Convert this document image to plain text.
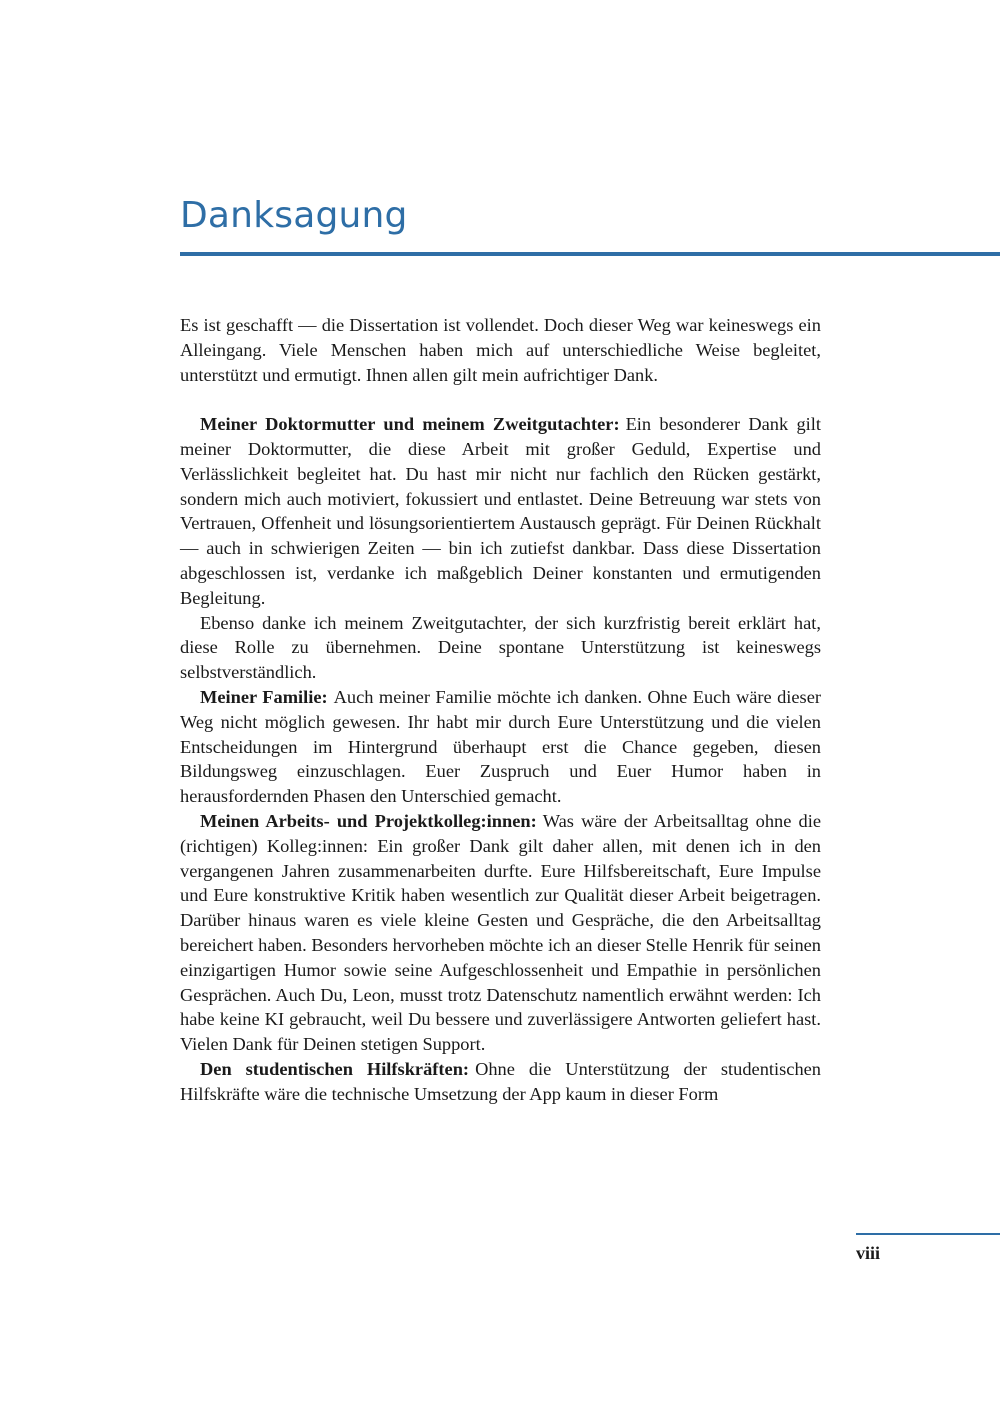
Danksagung

Es ist geschafft — die Dissertation ist vollendet. Doch dieser Weg war keineswegs ein Alleingang. Viele Menschen haben mich auf unterschiedliche Weise begleitet, unterstützt und ermutigt. Ihnen allen gilt mein aufrichtiger Dank.

Meiner Doktormutter und meinem Zweitgutachter: Ein besonderer Dank gilt meiner Doktormutter, die diese Arbeit mit großer Geduld, Expertise und Verlässlichkeit begleitet hat. Du hast mir nicht nur fachlich den Rücken gestärkt, sondern mich auch motiviert, fokussiert und entlastet. Deine Betreuung war stets von Vertrauen, Offenheit und lösungsorientiertem Austausch geprägt. Für Deinen Rückhalt — auch in schwierigen Zeiten — bin ich zutiefst dankbar. Dass diese Dissertation abgeschlossen ist, verdanke ich maßgeblich Deiner konstanten und ermutigenden Begleitung.

Ebenso danke ich meinem Zweitgutachter, der sich kurzfristig bereit erklärt hat, diese Rolle zu übernehmen. Deine spontane Unterstützung ist keineswegs selbstverständlich.

Meiner Familie: Auch meiner Familie möchte ich danken. Ohne Euch wäre dieser Weg nicht möglich gewesen. Ihr habt mir durch Eure Unterstützung und die vielen Entscheidungen im Hintergrund überhaupt erst die Chance gegeben, diesen Bildungsweg einzuschlagen. Euer Zuspruch und Euer Humor haben in herausfordernden Phasen den Unterschied gemacht.

Meinen Arbeits- und Projektkolleg:innen: Was wäre der Arbeitsalltag ohne die (richtigen) Kolleg:innen: Ein großer Dank gilt daher allen, mit denen ich in den vergangenen Jahren zusammenarbeiten durfte. Eure Hilfsbereitschaft, Eure Impulse und Eure konstruktive Kritik haben wesentlich zur Qualität dieser Arbeit beigetragen. Darüber hinaus waren es viele kleine Gesten und Gespräche, die den Arbeitsalltag bereichert haben. Besonders hervorheben möchte ich an dieser Stelle Henrik für seinen einzigartigen Humor sowie seine Aufgeschlossenheit und Empathie in persönlichen Gesprächen. Auch Du, Leon, musst trotz Datenschutz namentlich erwähnt werden: Ich habe keine KI gebraucht, weil Du bessere und zuverlässigere Antworten geliefert hast. Vielen Dank für Deinen stetigen Support.

Den studentischen Hilfskräften: Ohne die Unterstützung der studentischen Hilfskräfte wäre die technische Umsetzung der App kaum in dieser Form

viii
